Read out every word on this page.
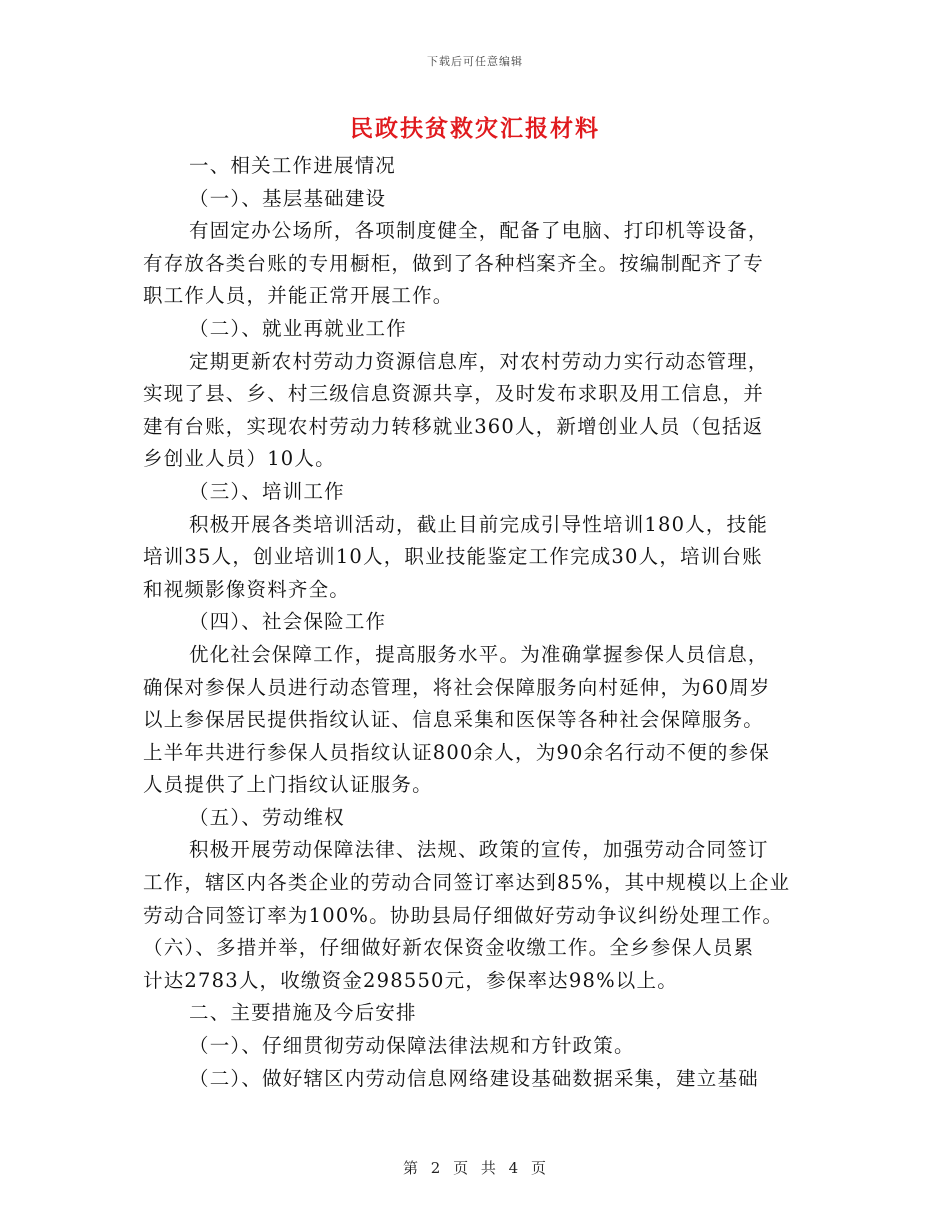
下载后可任意编辑
民政扶贫救灾汇报材料

一、相关工作进展情况

（一）、基层基础建设

有固定办公场所，各项制度健全，配备了电脑、打印机等设备，

有存放各类台账的专用橱柜，做到了各种档案齐全。按编制配齐了专

职工作人员，并能正常开展工作。

（二）、就业再就业工作

定期更新农村劳动力资源信息库，对农村劳动力实行动态管理，

实现了县、乡、村三级信息资源共享，及时发布求职及用工信息，并

建有台账，实现农村劳动力转移就业360人，新增创业人员（包括返

乡创业人员）10人。

（三）、培训工作

积极开展各类培训活动，截止目前完成引导性培训180人，技能

培训35人，创业培训10人，职业技能鉴定工作完成30人，培训台账

和视频影像资料齐全。

（四）、社会保险工作

优化社会保障工作，提高服务水平。为准确掌握参保人员信息，

确保对参保人员进行动态管理，将社会保障服务向村延伸，为60周岁

以上参保居民提供指纹认证、信息采集和医保等各种社会保障服务。

上半年共进行参保人员指纹认证800余人，为90余名行动不便的参保

人员提供了上门指纹认证服务。

（五）、劳动维权

积极开展劳动保障法律、法规、政策的宣传，加强劳动合同签订

工作，辖区内各类企业的劳动合同签订率达到85%，其中规模以上企业

劳动合同签订率为100%。协助县局仔细做好劳动争议纠纷处理工作。

（六）、多措并举，仔细做好新农保资金收缴工作。全乡参保人员累

计达2783人，收缴资金298550元，参保率达98%以上。

二、主要措施及今后安排

（一）、仔细贯彻劳动保障法律法规和方针政策。

（二）、做好辖区内劳动信息网络建设基础数据采集，建立基础

第 2 页 共 4 页
